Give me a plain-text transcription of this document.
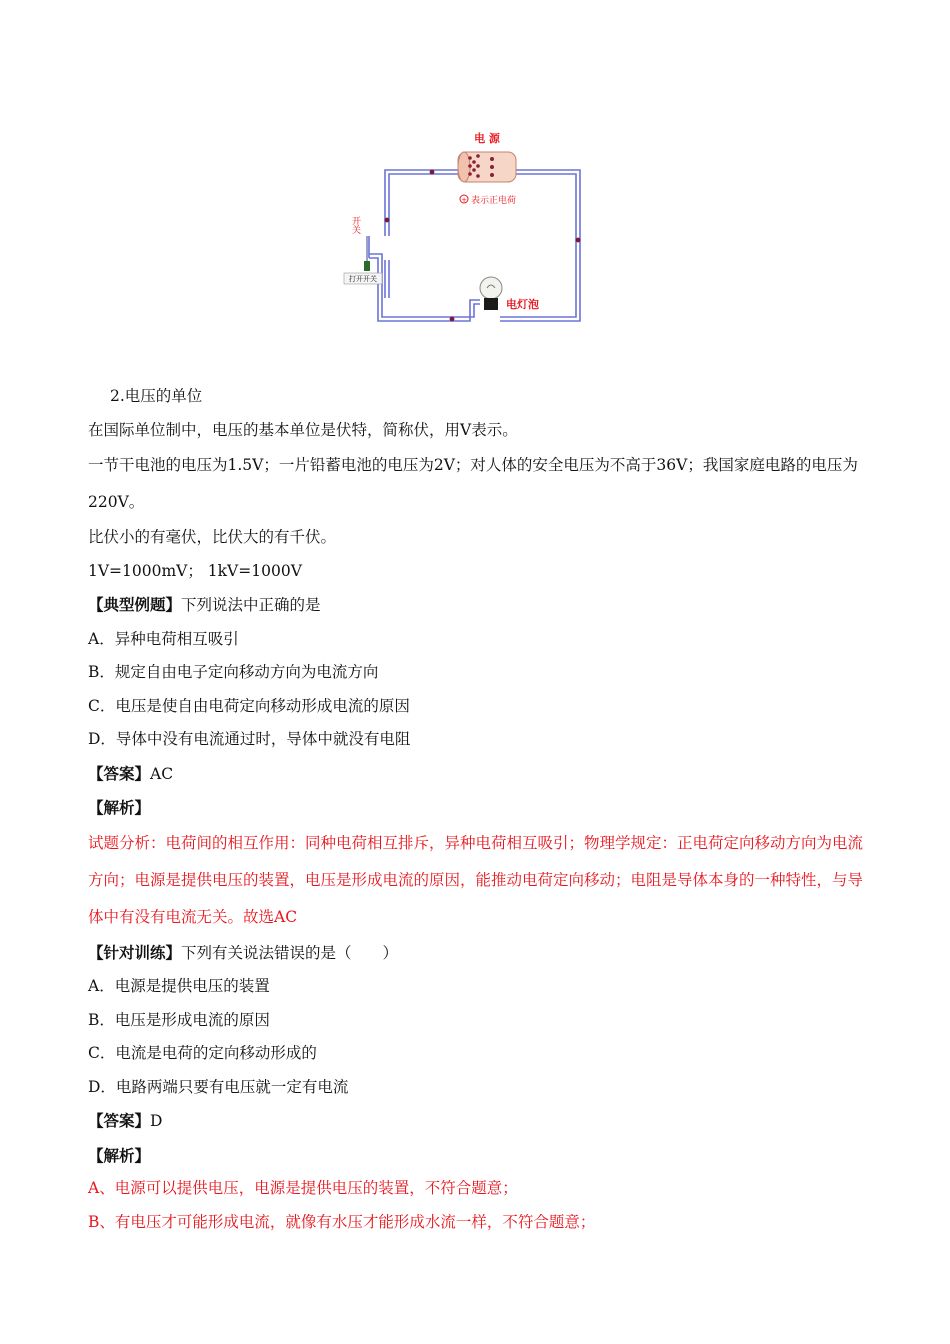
电 源
+ 表示正电荷
开关
打开开关
电灯泡
2.电压的单位
在国际单位制中，电压的基本单位是伏特，简称伏，用V表示。
一节干电池的电压为1.5V；一片铅蓄电池的电压为2V；对人体的安全电压为不高于36V；我国家庭电路的电压为220V。
比伏小的有毫伏，比伏大的有千伏。
1V=1000mV； 1kV=1000V
【典型例题】下列说法中正确的是
A．异种电荷相互吸引
B．规定自由电子定向移动方向为电流方向
C．电压是使自由电荷定向移动形成电流的原因
D．导体中没有电流通过时，导体中就没有电阻
【答案】AC
【解析】
试题分析：电荷间的相互作用：同种电荷相互排斥，异种电荷相互吸引；物理学规定：正电荷定向移动方向为电流方向；电源是提供电压的装置，电压是形成电流的原因，能推动电荷定向移动；电阻是导体本身的一种特性，与导体中有没有电流无关。故选AC
【针对训练】下列有关说法错误的是（　　）
A．电源是提供电压的装置
B．电压是形成电流的原因
C．电流是电荷的定向移动形成的
D．电路两端只要有电压就一定有电流
【答案】D
【解析】
A、电源可以提供电压，电源是提供电压的装置，不符合题意；
B、有电压才可能形成电流，就像有水压才能形成水流一样，不符合题意；
